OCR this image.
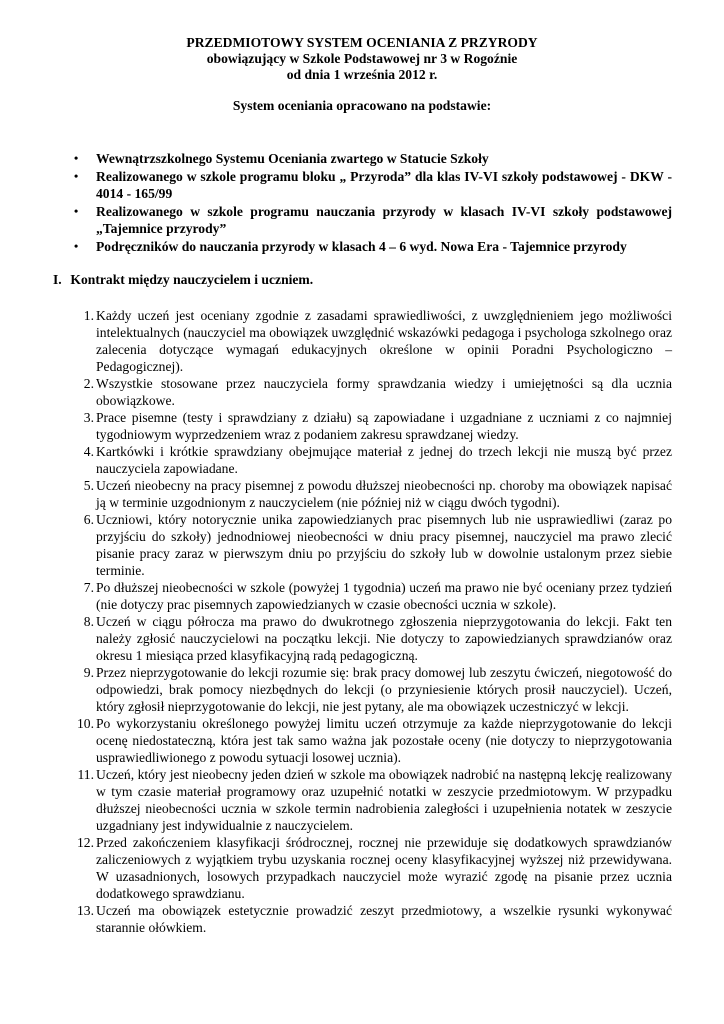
PRZEDMIOTOWY SYSTEM OCENIANIA Z PRZYRODY
obowiązujący w Szkole Podstawowej nr 3 w Rogoźnie
od dnia 1 września 2012 r.
System oceniania opracowano na podstawie:
• Wewnątrzszkolnego Systemu Oceniania zwartego w Statucie Szkoły
• Realizowanego w szkole programu bloku „ Przyroda” dla klas IV-VI szkoły podstawowej - DKW - 4014 - 165/99
• Realizowanego w szkole programu nauczania przyrody w klasach IV-VI szkoły podstawowej „Tajemnice przyrody”
• Podręczników do nauczania przyrody w klasach 4 – 6 wyd. Nowa Era - Tajemnice przyrody
I. Kontrakt między nauczycielem i uczniem.
1. Każdy uczeń jest oceniany zgodnie z zasadami sprawiedliwości, z uwzględnieniem jego możliwości intelektualnych (nauczyciel ma obowiązek uwzględnić wskazówki pedagoga i psychologa szkolnego oraz zalecenia dotyczące wymagań edukacyjnych określone w opinii Poradni Psychologiczno – Pedagogicznej).
2. Wszystkie stosowane przez nauczyciela formy sprawdzania wiedzy i umiejętności są dla ucznia obowiązkowe.
3. Prace pisemne (testy i sprawdziany z działu) są zapowiadane i uzgadniane z uczniami z co najmniej tygodniowym wyprzedzeniem wraz z podaniem zakresu sprawdzanej wiedzy.
4. Kartkówki i krótkie sprawdziany obejmujące materiał z jednej do trzech lekcji nie muszą być przez nauczyciela zapowiadane.
5. Uczeń nieobecny na pracy pisemnej z powodu dłuższej nieobecności np. choroby ma obowiązek napisać ją w terminie uzgodnionym z nauczycielem (nie później niż w ciągu dwóch tygodni).
6. Uczniowi, który notorycznie unika zapowiedzianych prac pisemnych lub nie usprawiedliwi (zaraz po przyjściu do szkoły) jednodniowej nieobecności w dniu pracy pisemnej, nauczyciel ma prawo zlecić pisanie pracy zaraz w pierwszym dniu po przyjściu do szkoły lub w dowolnie ustalonym przez siebie terminie.
7. Po dłuższej nieobecności w szkole (powyżej 1 tygodnia) uczeń ma prawo nie być oceniany przez tydzień (nie dotyczy prac pisemnych zapowiedzianych w czasie obecności ucznia w szkole).
8. Uczeń w ciągu półrocza ma prawo do dwukrotnego zgłoszenia nieprzygotowania do lekcji. Fakt ten należy zgłosić nauczycielowi na początku lekcji. Nie dotyczy to zapowiedzianych sprawdzianów oraz okresu 1 miesiąca przed klasyfikacyjną radą pedagogiczną.
9. Przez nieprzygotowanie do lekcji rozumie się: brak pracy domowej lub zeszytu ćwiczeń, niegotowość do odpowiedzi, brak pomocy niezbędnych do lekcji (o przyniesienie których prosił nauczyciel). Uczeń, który zgłosił nieprzygotowanie do lekcji, nie jest pytany, ale ma obowiązek uczestniczyć w lekcji.
10. Po wykorzystaniu określonego powyżej limitu uczeń otrzymuje za każde nieprzygotowanie do lekcji ocenę niedostateczną, która jest tak samo ważna jak pozostałe oceny (nie dotyczy to nieprzygotowania usprawiedliwionego z powodu sytuacji losowej ucznia).
11. Uczeń, który jest nieobecny jeden dzień w szkole ma obowiązek nadrobić na następną lekcję realizowany w tym czasie materiał programowy oraz uzupełnić notatki w zeszycie przedmiotowym. W przypadku dłuższej nieobecności ucznia w szkole termin nadrobienia zaległości i uzupełnienia notatek w zeszycie uzgadniany jest indywidualnie z nauczycielem.
12. Przed zakończeniem klasyfikacji śródrocznej, rocznej nie przewiduje się dodatkowych sprawdzianów zaliczeniowych z wyjątkiem trybu uzyskania rocznej oceny klasyfikacyjnej wyższej niż przewidywana. W uzasadnionych, losowych przypadkach nauczyciel może wyrazić zgodę na pisanie przez ucznia dodatkowego sprawdzianu.
13. Uczeń ma obowiązek estetycznie prowadzić zeszyt przedmiotowy, a wszelkie rysunki wykonywać starannie ołówkiem.
